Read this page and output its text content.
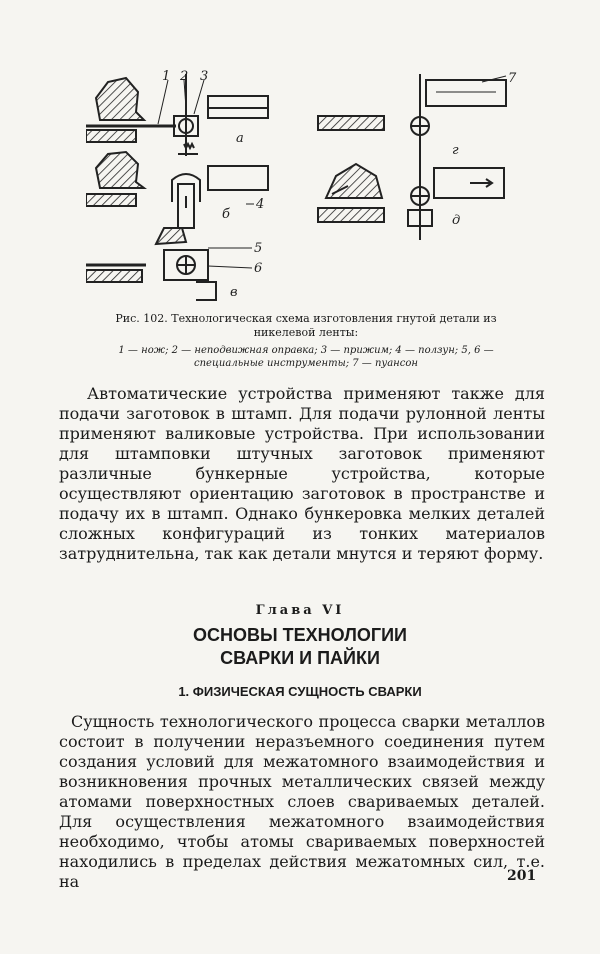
1 2 3
а
4
б
5
6
в
7
г
д
Рис. 102. Технологическая схема изготовления гнутой детали из никелевой ленты:
1 — нож; 2 — неподвижная оправка; 3 — прижим; 4 — ползун; 5, 6 — специальные инструменты; 7 — пуансон

Автоматические устройства применяют также для подачи заготовок в штамп. Для подачи рулонной ленты применяют валиковые устройства. При использовании для штамповки штучных заготовок применяют различные бункерные устройства, которые осуществляют ориентацию заготовок в пространстве и подачу их в штамп. Однако бункеровка мелких деталей сложных конфигураций из тонких материалов затруднительна, так как детали мнутся и теряют форму.

Глава VI
ОСНОВЫ ТЕХНОЛОГИИ
СВАРКИ И ПАЙКИ
1. ФИЗИЧЕСКАЯ СУЩНОСТЬ СВАРКИ

Сущность технологического процесса сварки металлов состоит в получении неразъемного соединения путем создания условий для межатомного взаимодействия и возникновения прочных металлических связей между атомами поверхностных слоев свариваемых деталей. Для осуществления межатомного взаимодействия необходимо, чтобы атомы свариваемых поверхностей находились в пределах действия межатомных сил, т.е. на	201
